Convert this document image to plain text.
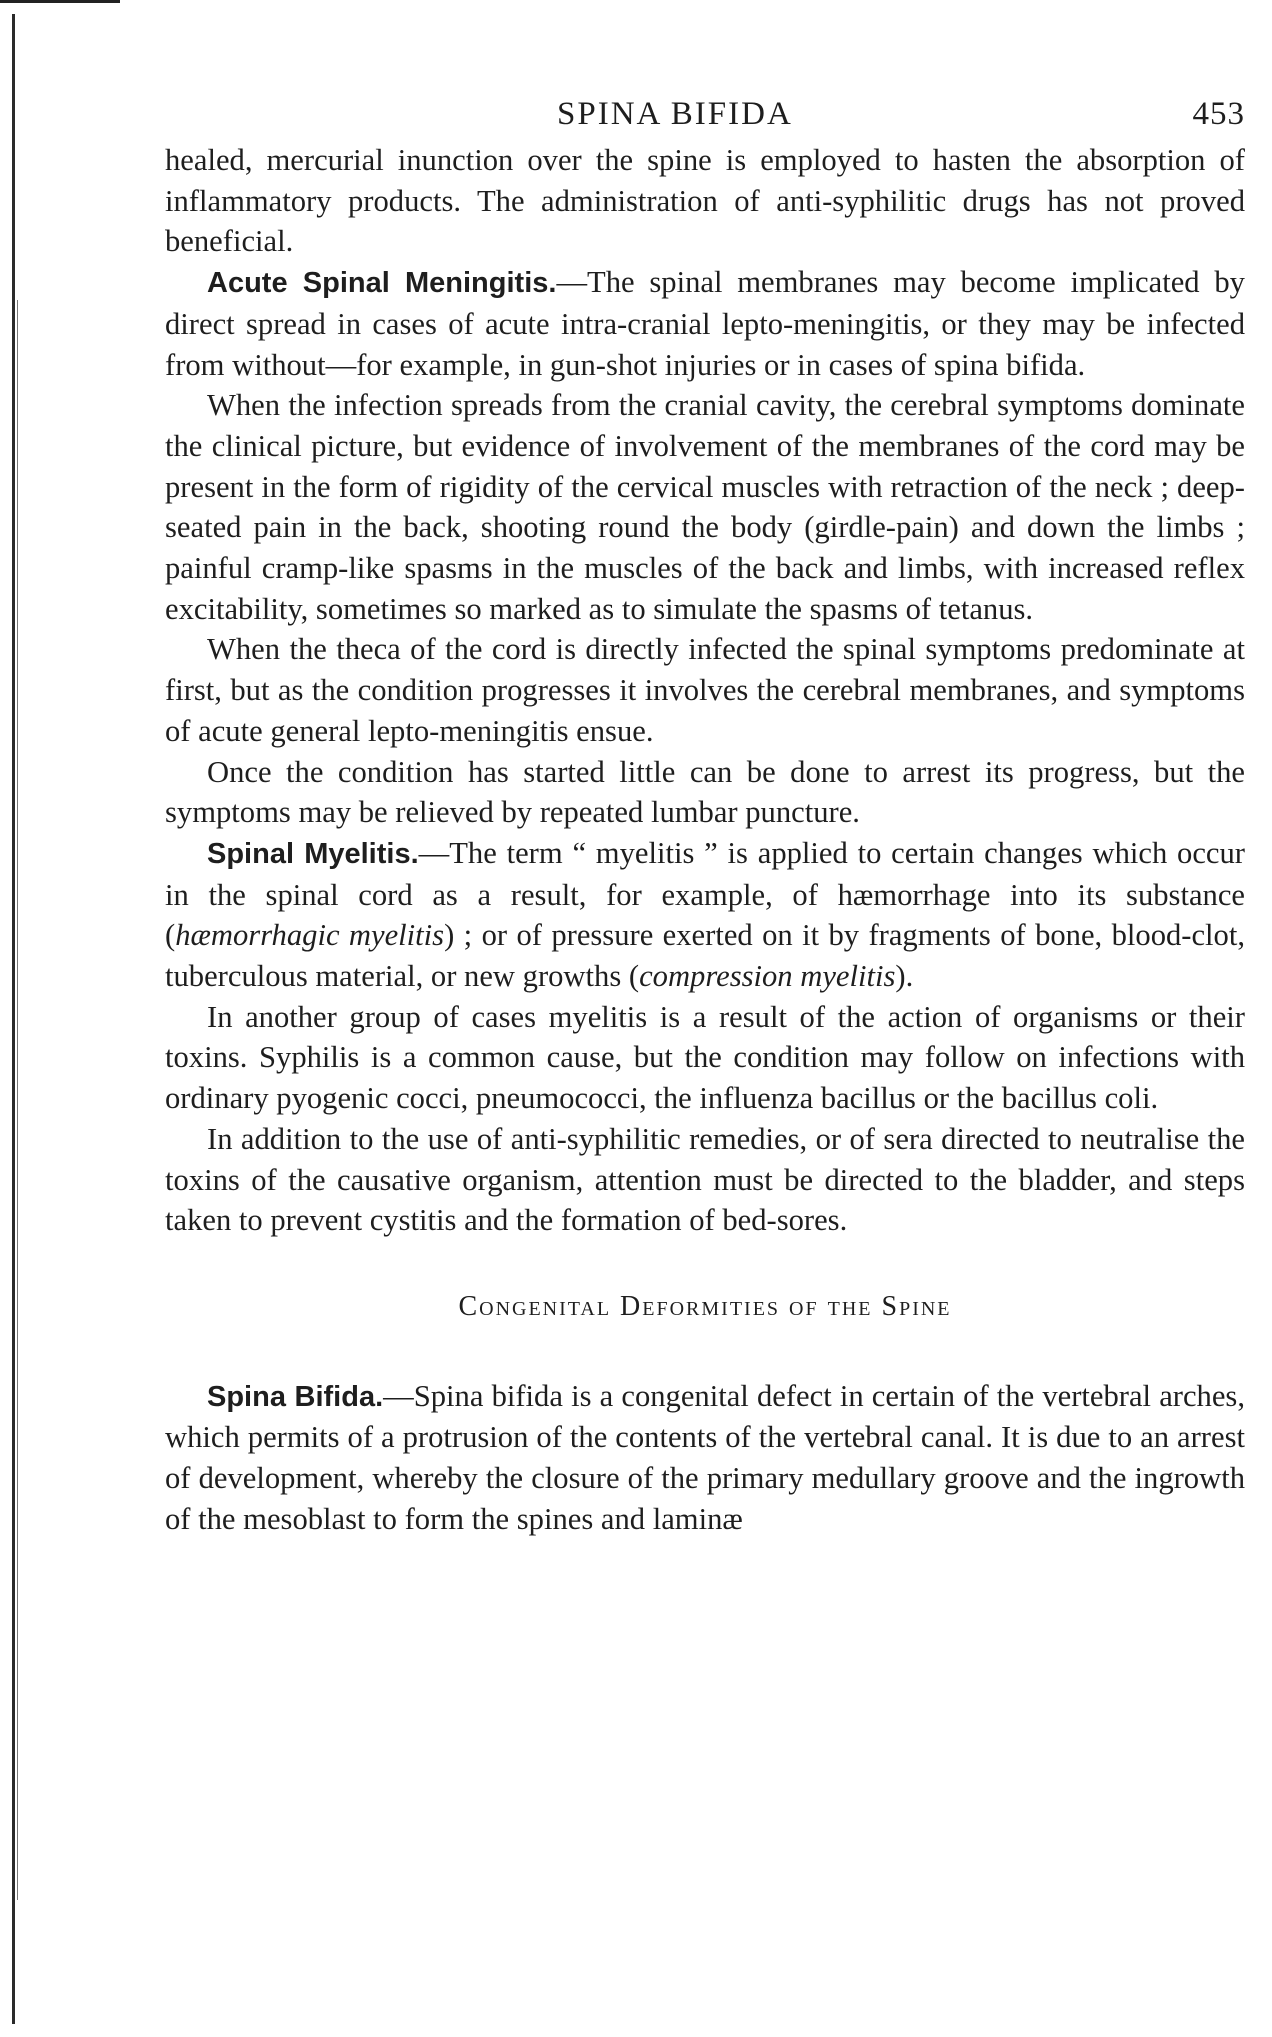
SPINA BIFIDA	453

healed, mercurial inunction over the spine is employed to hasten the absorption of inflammatory products. The administration of anti-syphilitic drugs has not proved beneficial.

Acute Spinal Meningitis.—The spinal membranes may become implicated by direct spread in cases of acute intra-cranial lepto-meningitis, or they may be infected from without—for example, in gun-shot injuries or in cases of spina bifida.

When the infection spreads from the cranial cavity, the cerebral symptoms dominate the clinical picture, but evidence of involvement of the membranes of the cord may be present in the form of rigidity of the cervical muscles with retraction of the neck ; deep-seated pain in the back, shooting round the body (girdle-pain) and down the limbs ; painful cramp-like spasms in the muscles of the back and limbs, with increased reflex excitability, sometimes so marked as to simulate the spasms of tetanus.

When the theca of the cord is directly infected the spinal symptoms predominate at first, but as the condition progresses it involves the cerebral membranes, and symptoms of acute general lepto-meningitis ensue.

Once the condition has started little can be done to arrest its progress, but the symptoms may be relieved by repeated lumbar puncture.

Spinal Myelitis.—The term “ myelitis ” is applied to certain changes which occur in the spinal cord as a result, for example, of hæmorrhage into its substance (hæmorrhagic myelitis) ; or of pressure exerted on it by fragments of bone, blood-clot, tuberculous material, or new growths (compression myelitis).

In another group of cases myelitis is a result of the action of organisms or their toxins. Syphilis is a common cause, but the condition may follow on infections with ordinary pyogenic cocci, pneumococci, the influenza bacillus or the bacillus coli.

In addition to the use of anti-syphilitic remedies, or of sera directed to neutralise the toxins of the causative organism, attention must be directed to the bladder, and steps taken to prevent cystitis and the formation of bed-sores.

Congenital Deformities of the Spine

Spina Bifida.—Spina bifida is a congenital defect in certain of the vertebral arches, which permits of a protrusion of the contents of the vertebral canal. It is due to an arrest of development, whereby the closure of the primary medullary groove and the ingrowth of the mesoblast to form the spines and laminæ
